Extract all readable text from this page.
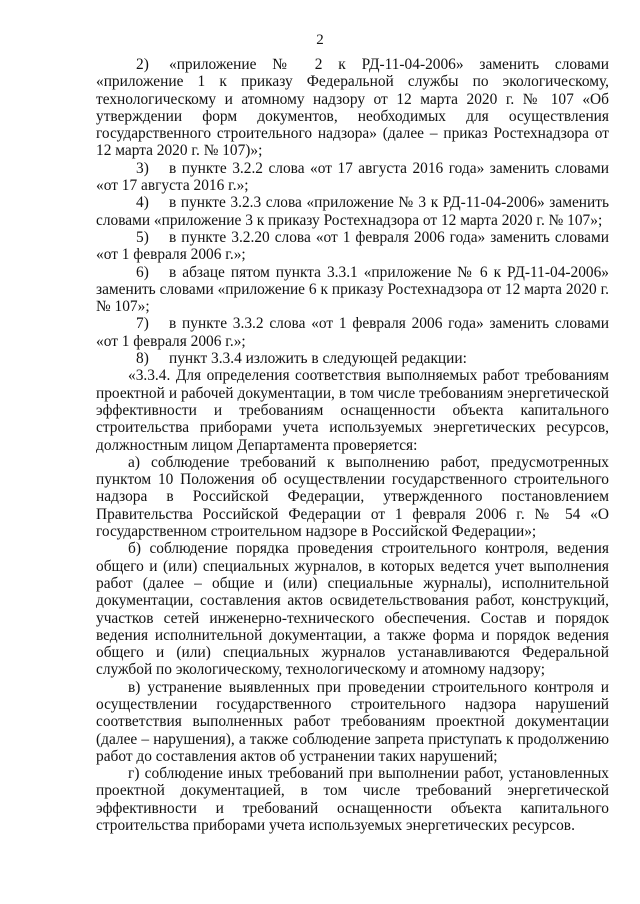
2

2) «приложение № 2 к РД-11-04-2006» заменить словами «приложение 1 к приказу Федеральной службы по экологическому, технологическому и атомному надзору от 12 марта 2020 г. № 107 «Об утверждении форм документов, необходимых для осуществления государственного строительного надзора» (далее – приказ Ростехнадзора от 12 марта 2020 г. № 107)»;

3) в пункте 3.2.2 слова «от 17 августа 2016 года» заменить словами «от 17 августа 2016 г.»;

4) в пункте 3.2.3 слова «приложение № 3 к РД-11-04-2006» заменить словами «приложение 3 к приказу Ростехнадзора от 12 марта 2020 г. № 107»;

5) в пункте 3.2.20 слова «от 1 февраля 2006 года» заменить словами «от 1 февраля 2006 г.»;

6) в абзаце пятом пункта 3.3.1 «приложение № 6 к РД-11-04-2006» заменить словами «приложение 6 к приказу Ростехнадзора от 12 марта 2020 г. № 107»;

7) в пункте 3.3.2 слова «от 1 февраля 2006 года» заменить словами «от 1 февраля 2006 г.»;

8) пункт 3.3.4 изложить в следующей редакции:

«3.3.4. Для определения соответствия выполняемых работ требованиям проектной и рабочей документации, в том числе требованиям энергетической эффективности и требованиям оснащенности объекта капитального строительства приборами учета используемых энергетических ресурсов, должностным лицом Департамента проверяется:

а) соблюдение требований к выполнению работ, предусмотренных пунктом 10 Положения об осуществлении государственного строительного надзора в Российской Федерации, утвержденного постановлением Правительства Российской Федерации от 1 февраля 2006 г. № 54 «О государственном строительном надзоре в Российской Федерации»;

б) соблюдение порядка проведения строительного контроля, ведения общего и (или) специальных журналов, в которых ведется учет выполнения работ (далее – общие и (или) специальные журналы), исполнительной документации, составления актов освидетельствования работ, конструкций, участков сетей инженерно-технического обеспечения. Состав и порядок ведения исполнительной документации, а также форма и порядок ведения общего и (или) специальных журналов устанавливаются Федеральной службой по экологическому, технологическому и атомному надзору;

в) устранение выявленных при проведении строительного контроля и осуществлении государственного строительного надзора нарушений соответствия выполненных работ требованиям проектной документации (далее – нарушения), а также соблюдение запрета приступать к продолжению работ до составления актов об устранении таких нарушений;

г) соблюдение иных требований при выполнении работ, установленных проектной документацией, в том числе требований энергетической эффективности и требований оснащенности объекта капитального строительства приборами учета используемых энергетических ресурсов.
